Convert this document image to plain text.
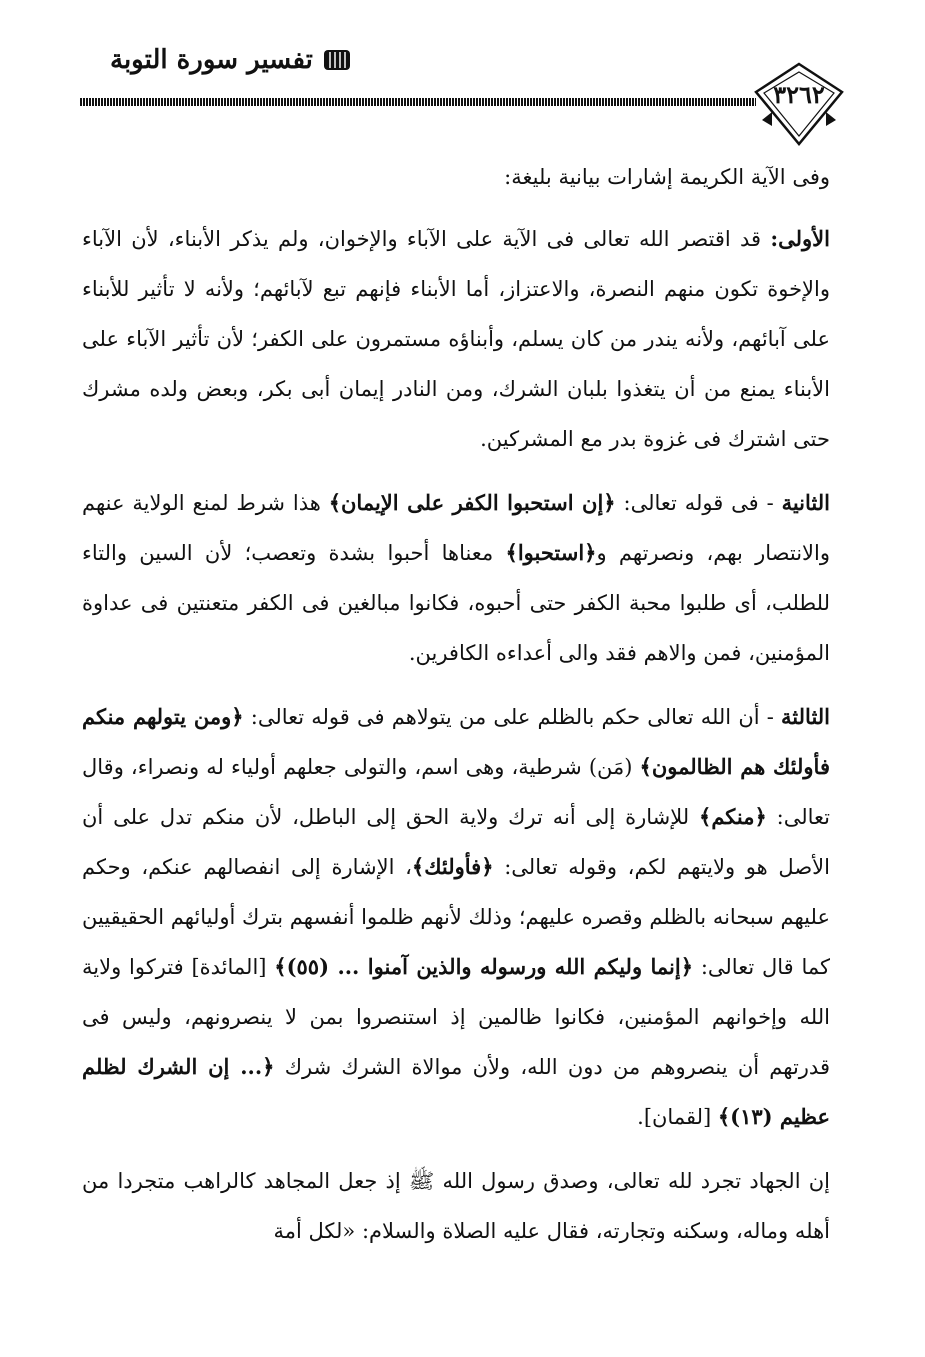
تفسير سورة التوبة
٣٢٦٢

وفى الآية الكريمة إشارات بيانية بليغة:

الأولى: قد اقتصر الله تعالى فى الآية على الآباء والإخوان، ولم يذكر الأبناء، لأن الآباء والإخوة تكون منهم النصرة، والاعتزاز، أما الأبناء فإنهم تبع لآبائهم؛ ولأنه لا تأثير للأبناء على آبائهم، ولأنه يندر من كان يسلم، وأبناؤه مستمرون على الكفر؛ لأن تأثير الآباء على الأبناء يمنع من أن يتغذوا بلبان الشرك، ومن النادر إيمان أبى بكر، وبعض ولده مشرك حتى اشترك فى غزوة بدر مع المشركين.

الثانية - فى قوله تعالى: ﴿إن استحبوا الكفر على الإيمان﴾ هذا شرط لمنع الولاية عنهم والانتصار بهم، ونصرتهم و﴿استحبوا﴾ معناها أحبوا بشدة وتعصب؛ لأن السين والتاء للطلب، أى طلبوا محبة الكفر حتى أحبوه، فكانوا مبالغين فى الكفر متعنتين فى عداوة المؤمنين، فمن والاهم فقد والى أعداءه الكافرين.

الثالثة - أن الله تعالى حكم بالظلم على من يتولاهم فى قوله تعالى: ﴿ومن يتولهم منكم فأولئك هم الظالمون﴾ (مَن) شرطية، وهى اسم، والتولى جعلهم أولياء له ونصراء، وقال تعالى: ﴿منكم﴾ للإشارة إلى أنه ترك ولاية الحق إلى الباطل، لأن منكم تدل على أن الأصل هو ولايتهم لكم، وقوله تعالى: ﴿فأولئك﴾، الإشارة إلى انفصالهم عنكم، وحكم عليهم سبحانه بالظلم وقصره عليهم؛ وذلك لأنهم ظلموا أنفسهم بترك أوليائهم الحقيقيين كما قال تعالى: ﴿إنما وليكم الله ورسوله والذين آمنوا ... (٥٥)﴾ [المائدة] فتركوا ولاية الله وإخوانهم المؤمنين، فكانوا ظالمين إذ استنصروا بمن لا ينصرونهم، وليس فى قدرتهم أن ينصروهم من دون الله، ولأن موالاة الشرك شرك ﴿... إن الشرك لظلم عظيم (١٣)﴾ [لقمان].

إن الجهاد تجرد لله تعالى، وصدق رسول الله ﷺ إذ جعل المجاهد كالراهب متجردا من أهله وماله، وسكنه وتجارته، فقال عليه الصلاة والسلام: «لكل أمة
